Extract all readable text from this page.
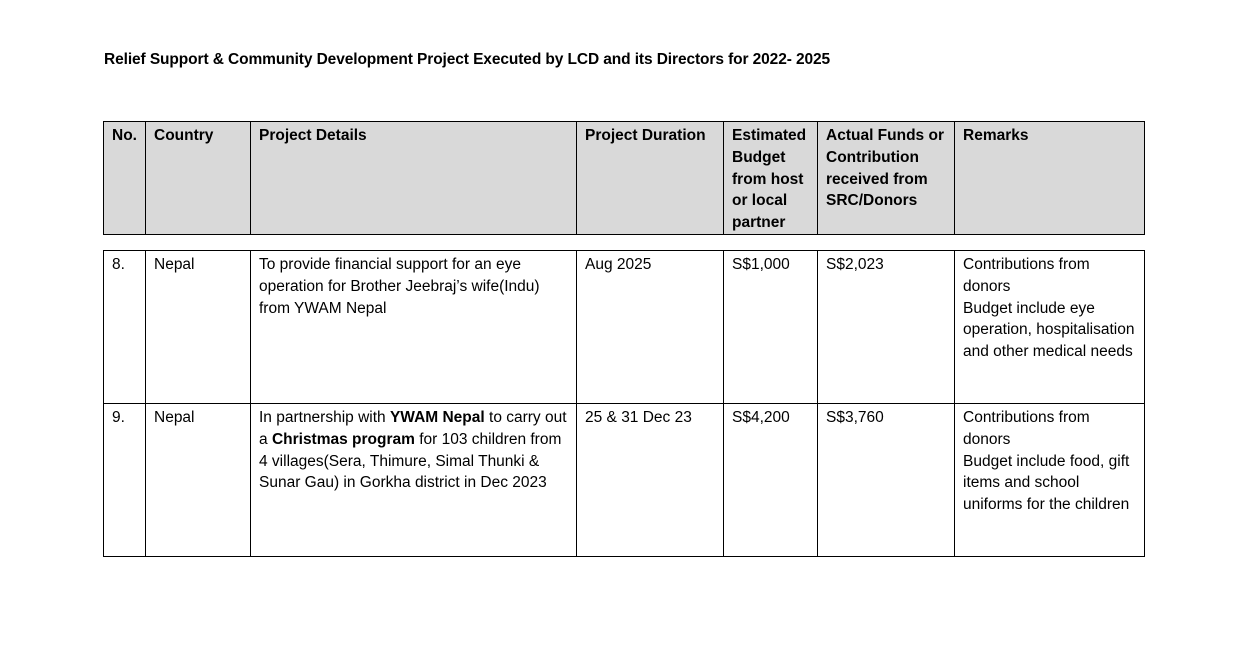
Relief Support & Community Development Project Executed by LCD and its Directors for 2022- 2025
No.	Country	Project Details	Project Duration	Estimated Budget from host or local partner	Actual Funds or Contribution received from SRC/Donors	Remarks
8.	Nepal	To provide financial support for an eye operation for Brother Jeebraj’s wife(Indu) from YWAM Nepal	Aug 2025	S$1,000	S$2,023	Contributions from donors
Budget include eye operation, hospitalisation and other medical needs

9.	Nepal	In partnership with YWAM Nepal to carry out a Christmas program for 103 children from 4 villages(Sera, Thimure, Simal Thunki & Sunar Gau) in Gorkha district in Dec 2023	25 & 31 Dec 23	S$4,200	S$3,760	Contributions from donors
Budget include food, gift items and school uniforms for the children
